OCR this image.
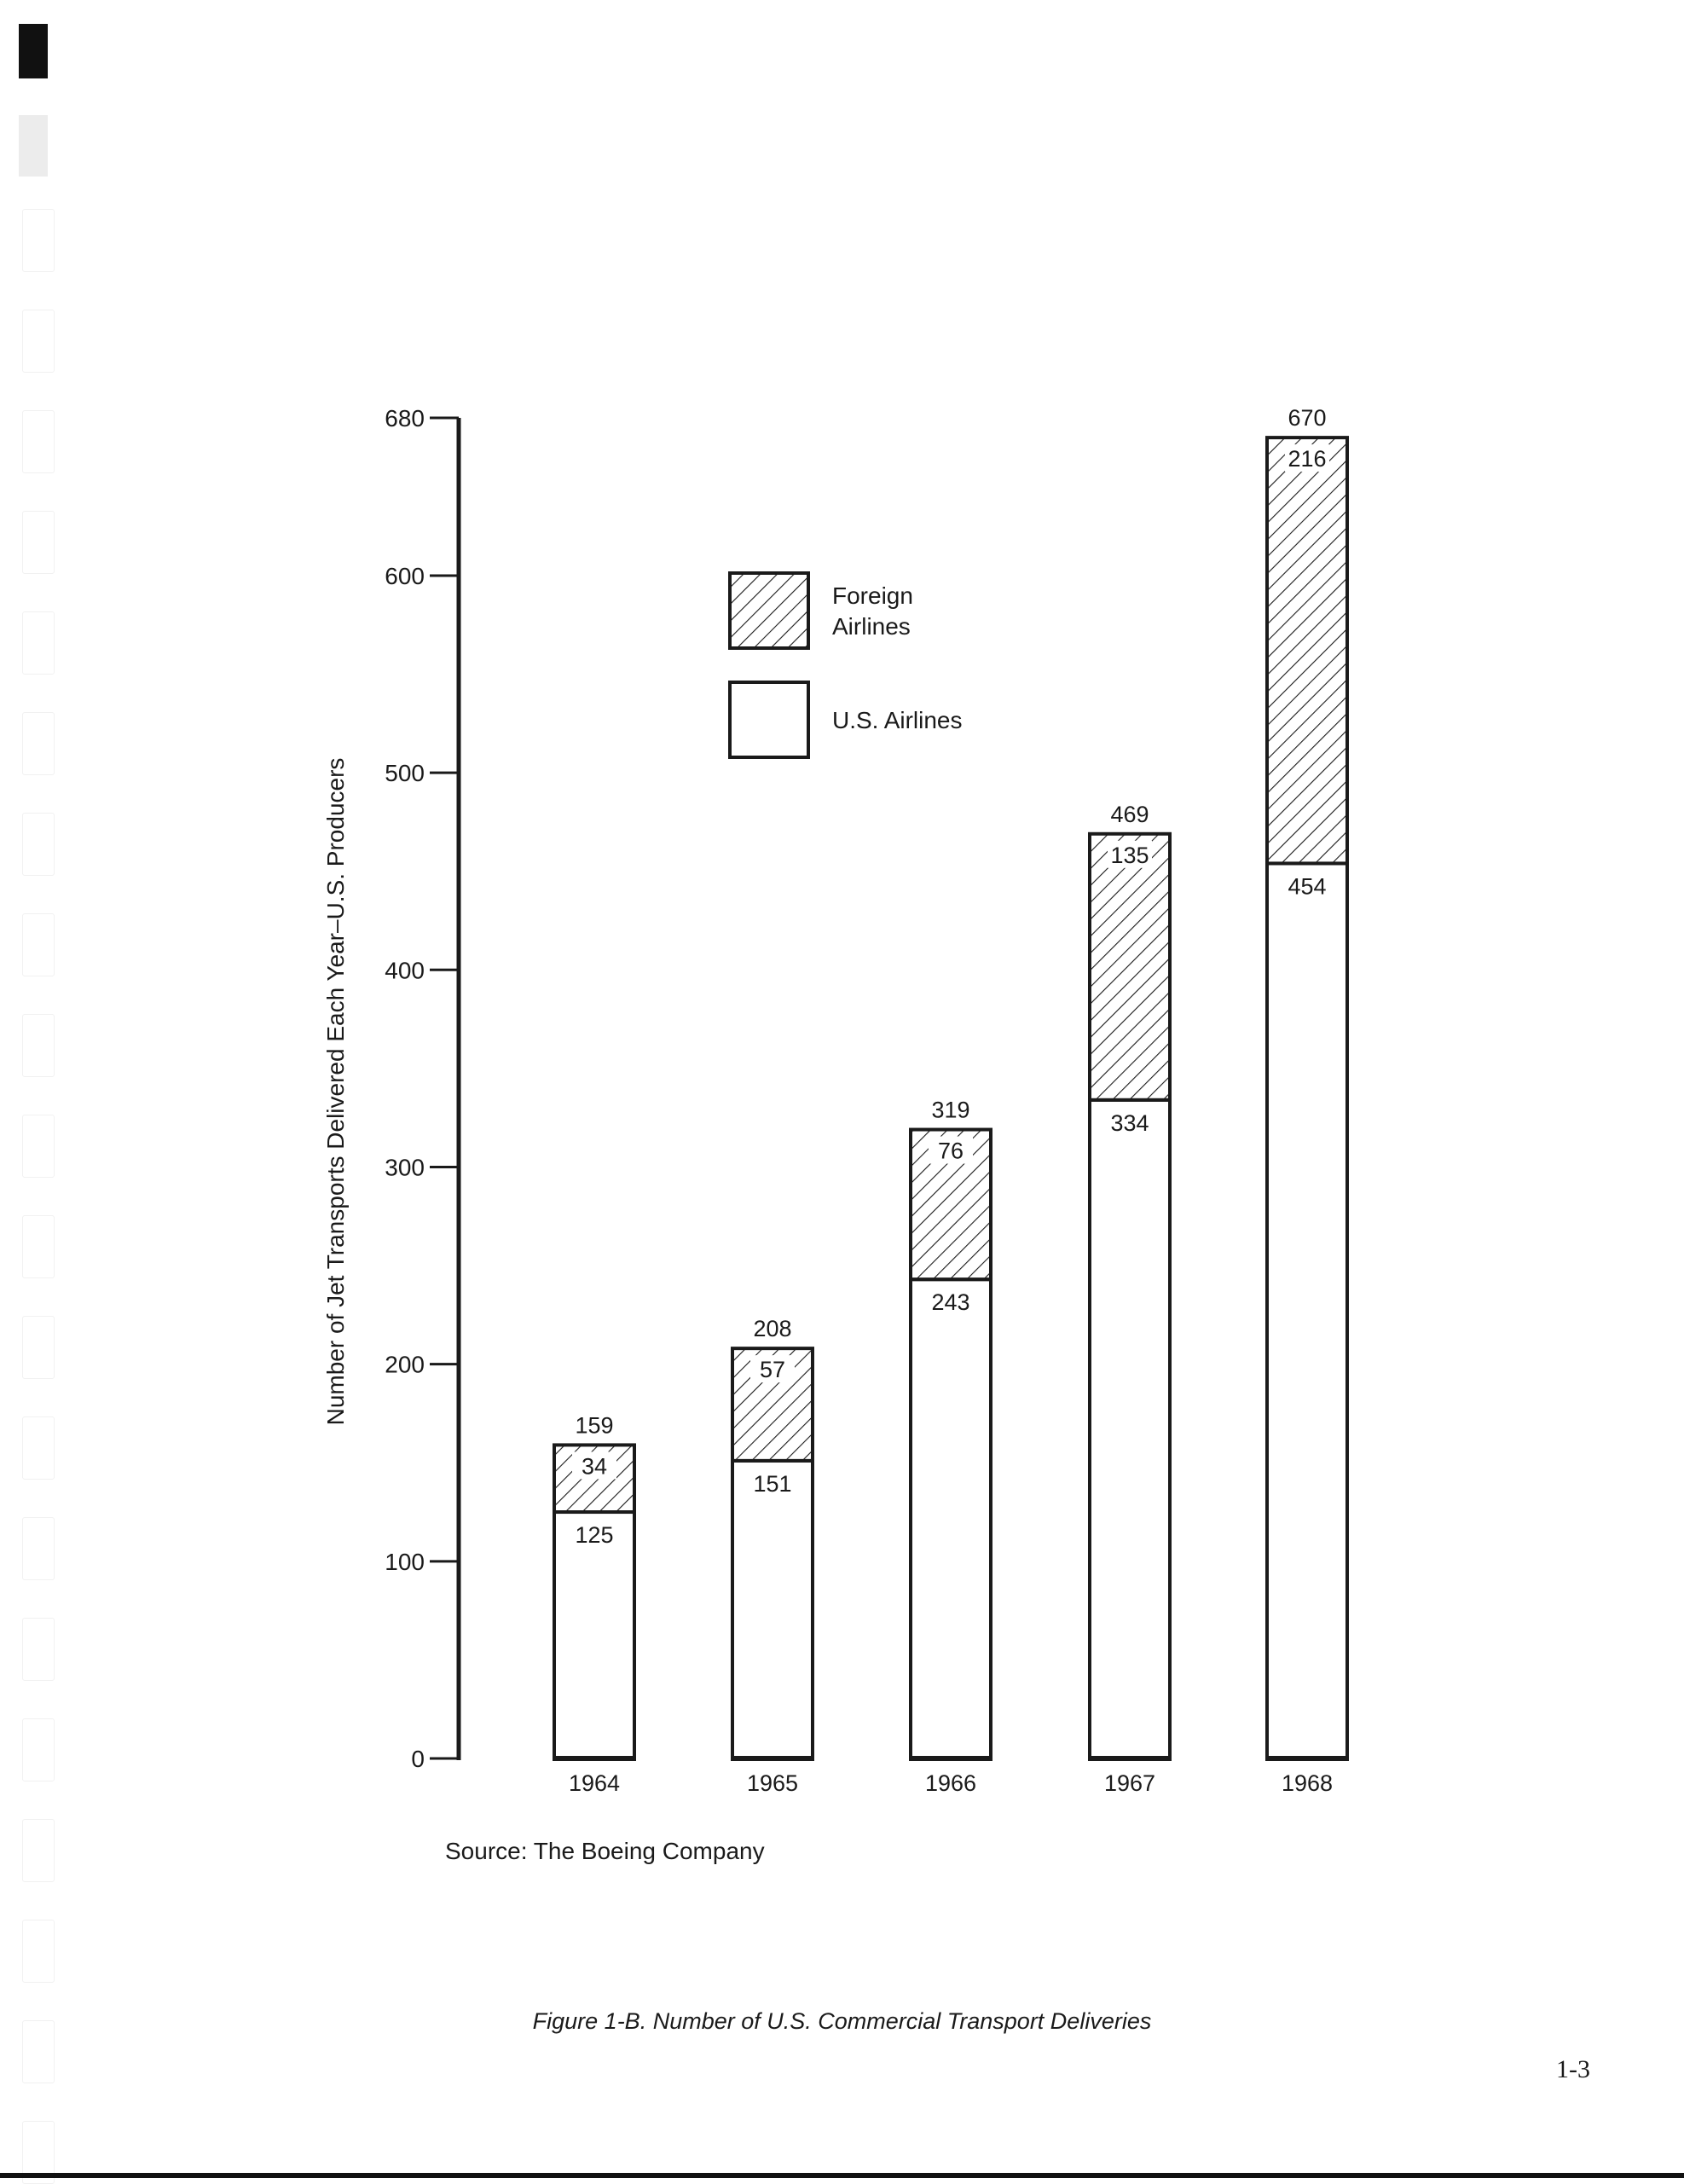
0
100
200
300
400
500
600
680
Number of Jet Transports Delivered Each Year–U.S. Producers
34
125
159
1964
57
151
208
1965
76
243
319
1966
135
334
469
1967
216
454
670
1968
Foreign
Airlines
U.S. Airlines
Source: The Boeing Company
Figure 1-B. Number of U.S. Commercial Transport Deliveries
1-3
